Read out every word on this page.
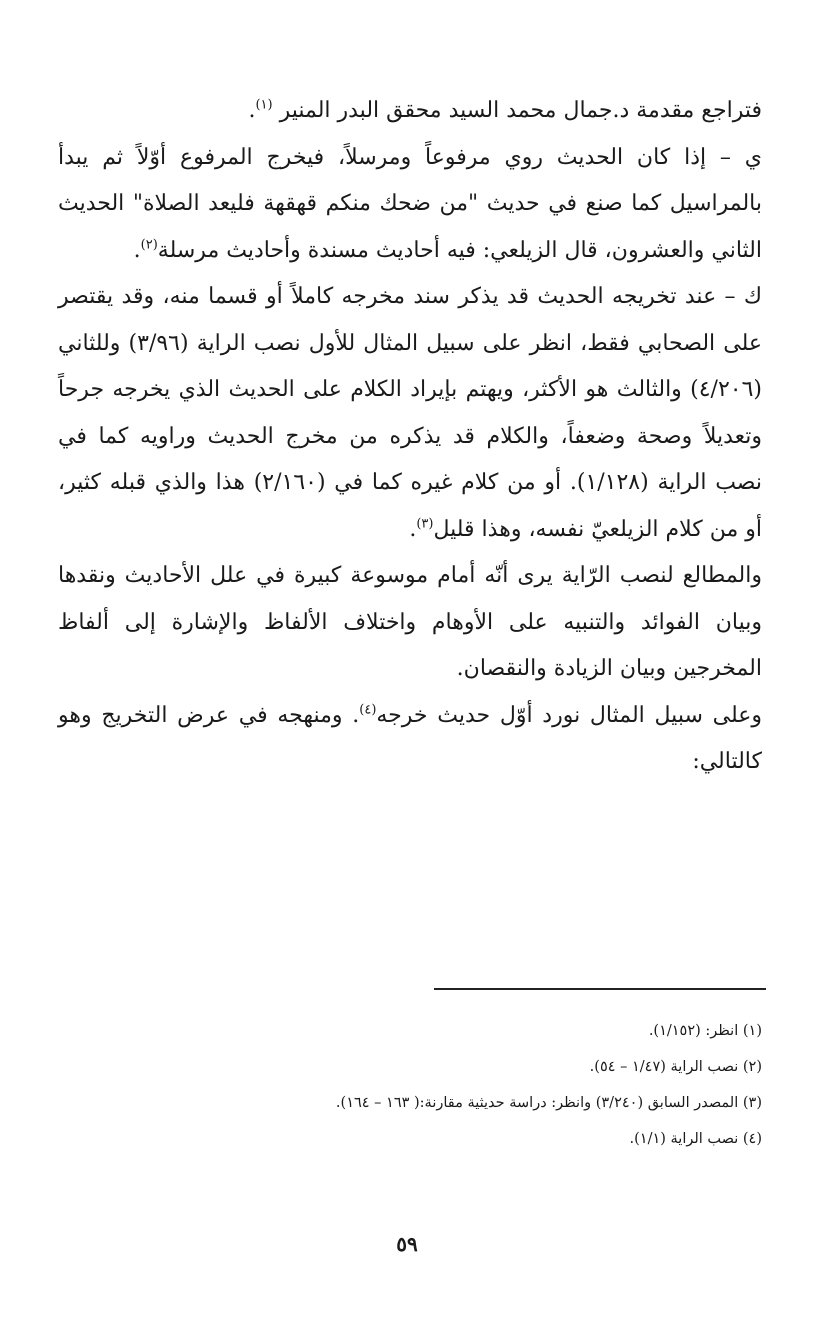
فتراجع مقدمة د.جمال محمد السيد محقق البدر المنير $^{(١)}$.

ي – إذا كان الحديث روي مرفوعاً ومرسلاً، فيخرج المرفوع أوّلاً ثم يبدأ بالمراسيل كما صنع في حديث "من ضحك منكم قهقهة فليعد الصلاة" الحديث الثاني والعشرون، قال الزيلعي: فيه أحاديث مسندة وأحاديث مرسلة$^{(٢)}$.

ك – عند تخريجه الحديث قد يذكر سند مخرجه كاملاً أو قسما منه، وقد يقتصر على الصحابي فقط، انظر على سبيل المثال للأول نصب الراية (٣/٩٦) وللثاني (٤/٢٠٦) والثالث هو الأكثر، ويهتم بإيراد الكلام على الحديث الذي يخرجه جرحاً وتعديلاً وصحة وضعفاً، والكلام قد يذكره من مخرج الحديث وراويه كما في نصب الراية (١/١٢٨). أو من كلام غيره كما في (٢/١٦٠) هذا والذي قبله كثير، أو من كلام الزيلعيّ نفسه، وهذا قليل$^{(٣)}$.

والمطالع لنصب الرّاية يرى أنّه أمام موسوعة كبيرة في علل الأحاديث ونقدها وبيان الفوائد والتنبيه على الأوهام واختلاف الألفاظ والإشارة إلى ألفاظ المخرجين وبيان الزيادة والنقصان.

وعلى سبيل المثال نورد أوّل حديث خرجه$^{(٤)}$. ومنهجه في عرض التخريج وهو كالتالي:

(١) انظر: (١/١٥٢).
(٢) نصب الراية (١/٤٧ – ٥٤).
(٣) المصدر السابق (٣/٢٤٠) وانظر: دراسة حديثية مقارنة:( ١٦٣ – ١٦٤).
(٤) نصب الراية (١/١).
٥٩
